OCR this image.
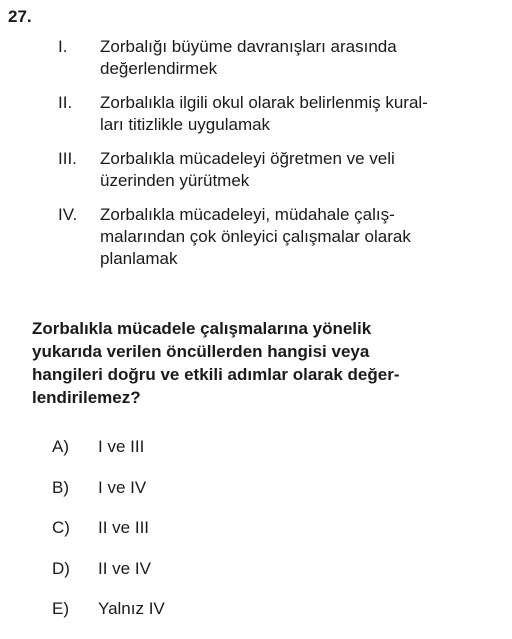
27.
I.	Zorbalığı büyüme davranışları arasında
değerlendirmek
II.	Zorbalıkla ilgili okul olarak belirlenmiş kural-
ları titizlikle uygulamak
III.	Zorbalıkla mücadeleyi öğretmen ve veli
üzerinden yürütmek
IV.	Zorbalıkla mücadeleyi, müdahale çalış-
malarından çok önleyici çalışmalar olarak
planlamak
Zorbalıkla mücadele çalışmalarına yönelik
yukarıda verilen öncüllerden hangisi veya
hangileri doğru ve etkili adımlar olarak değer-
lendirilemez?
A)	I ve III
B)	I ve IV
C)	II ve III
D)	II ve IV
E)	Yalnız IV
